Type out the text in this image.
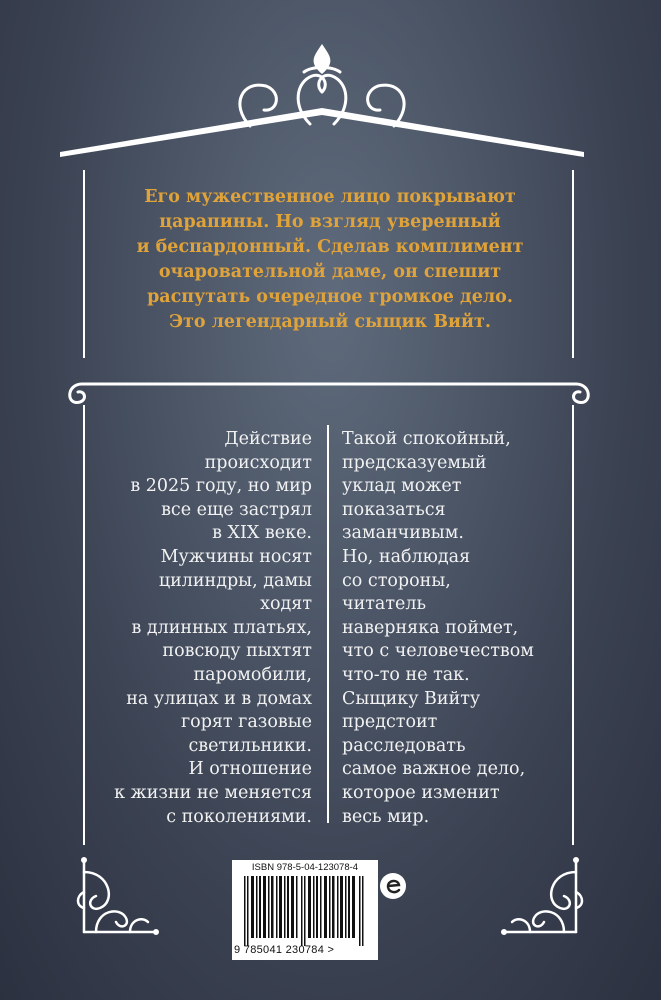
Его мужественное лицо покрывают
царапины. Но взгляд уверенный
и беспардонный. Сделав комплимент
очаровательной даме, он спешит
распутать очередное громкое дело.
Это легендарный сыщик Вийт.
Действие
происходит
в 2025 году, но мир
все еще застрял
в XIX веке.
Мужчины носят
цилиндры, дамы
ходят
в длинных платьях,
повсюду пыхтят
паромобили,
на улицах и в домах
горят газовые
светильники.
И отношение
к жизни не меняется
с поколениями.
Такой спокойный,
предсказуемый
уклад может
показаться
заманчивым.
Но, наблюдая
со стороны,
читатель
наверняка поймет,
что с человечеством
что-то не так.
Сыщику Вийту
предстоит
расследовать
самое важное дело,
которое изменит
весь мир.
ISBN 978-5-04-123078-4
9 785041 230784 >
